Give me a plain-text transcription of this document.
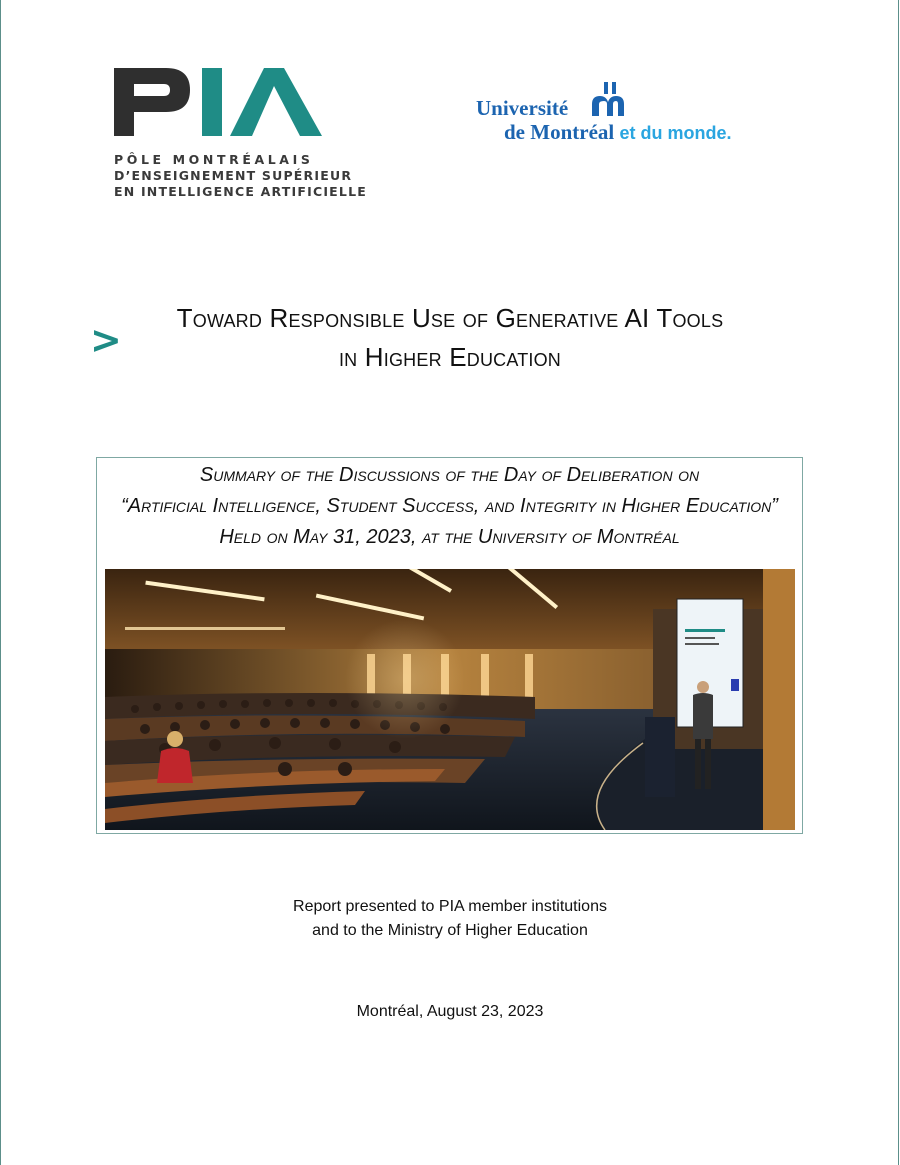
PÔLE MONTRÉALAIS
D’ENSEIGNEMENT SUPÉRIEUR
EN INTELLIGENCE ARTIFICIELLE
Université
de Montréal et du monde.
>	Toward Responsible Use of Generative AI Tools
in Higher Education
Summary of the Discussions of the Day of Deliberation on
“Artificial Intelligence, Student Success, and Integrity in Higher Education”
Held on May 31, 2023, at the University of Montréal
Report presented to PIA member institutions
and to the Ministry of Higher Education
Montréal, August 23, 2023
